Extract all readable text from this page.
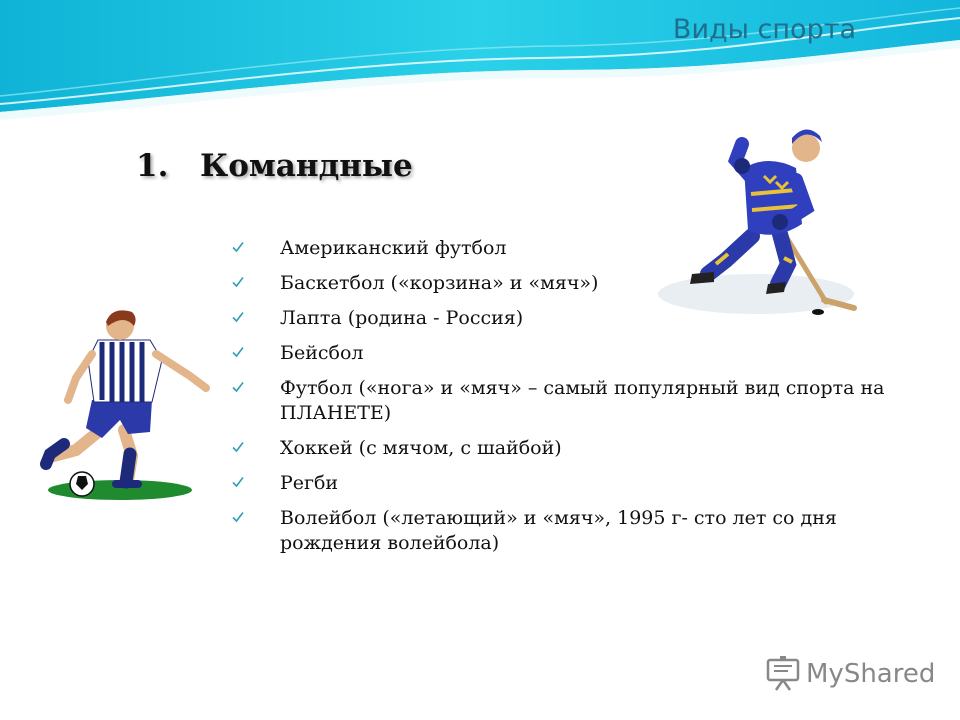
Виды спорта
1. Командные
Американский футбол
Баскетбол («корзина» и «мяч»)
Лапта (родина - Россия)
Бейсбол
Футбол («нога» и «мяч» – самый популярный вид спорта на ПЛАНЕТЕ)
Хоккей (с мячом, с шайбой)
Регби
Волейбол («летающий» и «мяч», 1995 г- сто лет со дня рождения волейбола)
MyShared
